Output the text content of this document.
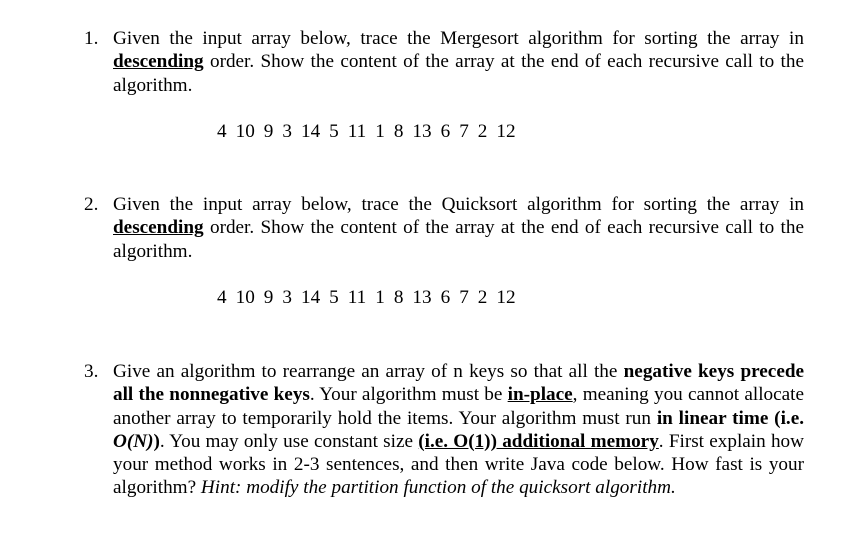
1. Given the input array below, trace the Mergesort algorithm for sorting the array in descending order. Show the content of the array at the end of each recursive call to the algorithm.
4 10 9 3 14 5 11 1 8 13 6 7 2 12
2. Given the input array below, trace the Quicksort algorithm for sorting the array in descending order. Show the content of the array at the end of each recursive call to the algorithm.
4 10 9 3 14 5 11 1 8 13 6 7 2 12
3. Give an algorithm to rearrange an array of n keys so that all the negative keys precede all the nonnegative keys. Your algorithm must be in-place, meaning you cannot allocate another array to temporarily hold the items. Your algorithm must run in linear time (i.e. O(N)). You may only use constant size (i.e. O(1)) additional memory. First explain how your method works in 2-3 sentences, and then write Java code below. How fast is your algorithm? Hint: modify the partition function of the quicksort algorithm.
